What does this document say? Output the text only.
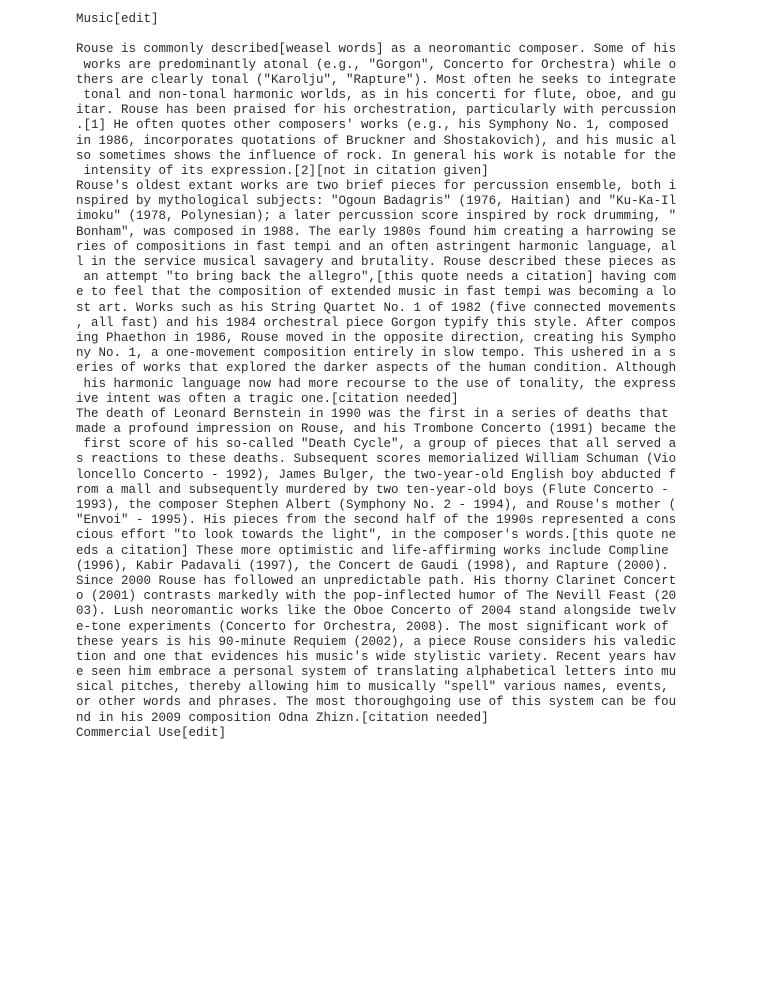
Music[edit]
Rouse is commonly described[weasel words] as a neoromantic composer. Some of his
works are predominantly atonal (e.g., "Gorgon", Concerto for Orchestra) while o
thers are clearly tonal ("Karolju", "Rapture"). Most often he seeks to integrate
tonal and non-tonal harmonic worlds, as in his concerti for flute, oboe, and gu
itar. Rouse has been praised for his orchestration, particularly with percussion
.[1] He often quotes other composers' works (e.g., his Symphony No. 1, composed
in 1986, incorporates quotations of Bruckner and Shostakovich), and his music al
so sometimes shows the influence of rock. In general his work is notable for the
intensity of its expression.[2][not in citation given]
Rouse's oldest extant works are two brief pieces for percussion ensemble, both i
nspired by mythological subjects: "Ogoun Badagris" (1976, Haitian) and "Ku-Ka-Il
imoku" (1978, Polynesian); a later percussion score inspired by rock drumming, "
Bonham", was composed in 1988. The early 1980s found him creating a harrowing se
ries of compositions in fast tempi and an often astringent harmonic language, al
l in the service musical savagery and brutality. Rouse described these pieces as
an attempt "to bring back the allegro",[this quote needs a citation] having com
e to feel that the composition of extended music in fast tempi was becoming a lo
st art. Works such as his String Quartet No. 1 of 1982 (five connected movements
, all fast) and his 1984 orchestral piece Gorgon typify this style. After compos
ing Phaethon in 1986, Rouse moved in the opposite direction, creating his Sympho
ny No. 1, a one-movement composition entirely in slow tempo. This ushered in a s
eries of works that explored the darker aspects of the human condition. Although
his harmonic language now had more recourse to the use of tonality, the express
ive intent was often a tragic one.[citation needed]
The death of Leonard Bernstein in 1990 was the first in a series of deaths that
made a profound impression on Rouse, and his Trombone Concerto (1991) became the
first score of his so-called "Death Cycle", a group of pieces that all served a
s reactions to these deaths. Subsequent scores memorialized William Schuman (Vio
loncello Concerto - 1992), James Bulger, the two-year-old English boy abducted f
rom a mall and subsequently murdered by two ten-year-old boys (Flute Concerto -
1993), the composer Stephen Albert (Symphony No. 2 - 1994), and Rouse's mother (
"Envoi" - 1995). His pieces from the second half of the 1990s represented a cons
cious effort "to look towards the light", in the composer's words.[this quote ne
eds a citation] These more optimistic and life-affirming works include Compline
(1996), Kabir Padavali (1997), the Concert de Gaudi (1998), and Rapture (2000).
Since 2000 Rouse has followed an unpredictable path. His thorny Clarinet Concert
o (2001) contrasts markedly with the pop-inflected humor of The Nevill Feast (20
03). Lush neoromantic works like the Oboe Concerto of 2004 stand alongside twelv
e-tone experiments (Concerto for Orchestra, 2008). The most significant work of
these years is his 90-minute Requiem (2002), a piece Rouse considers his valedic
tion and one that evidences his music's wide stylistic variety. Recent years hav
e seen him embrace a personal system of translating alphabetical letters into mu
sical pitches, thereby allowing him to musically "spell" various names, events,
or other words and phrases. The most thoroughgoing use of this system can be fou
nd in his 2009 composition Odna Zhizn.[citation needed]
Commercial Use[edit]
